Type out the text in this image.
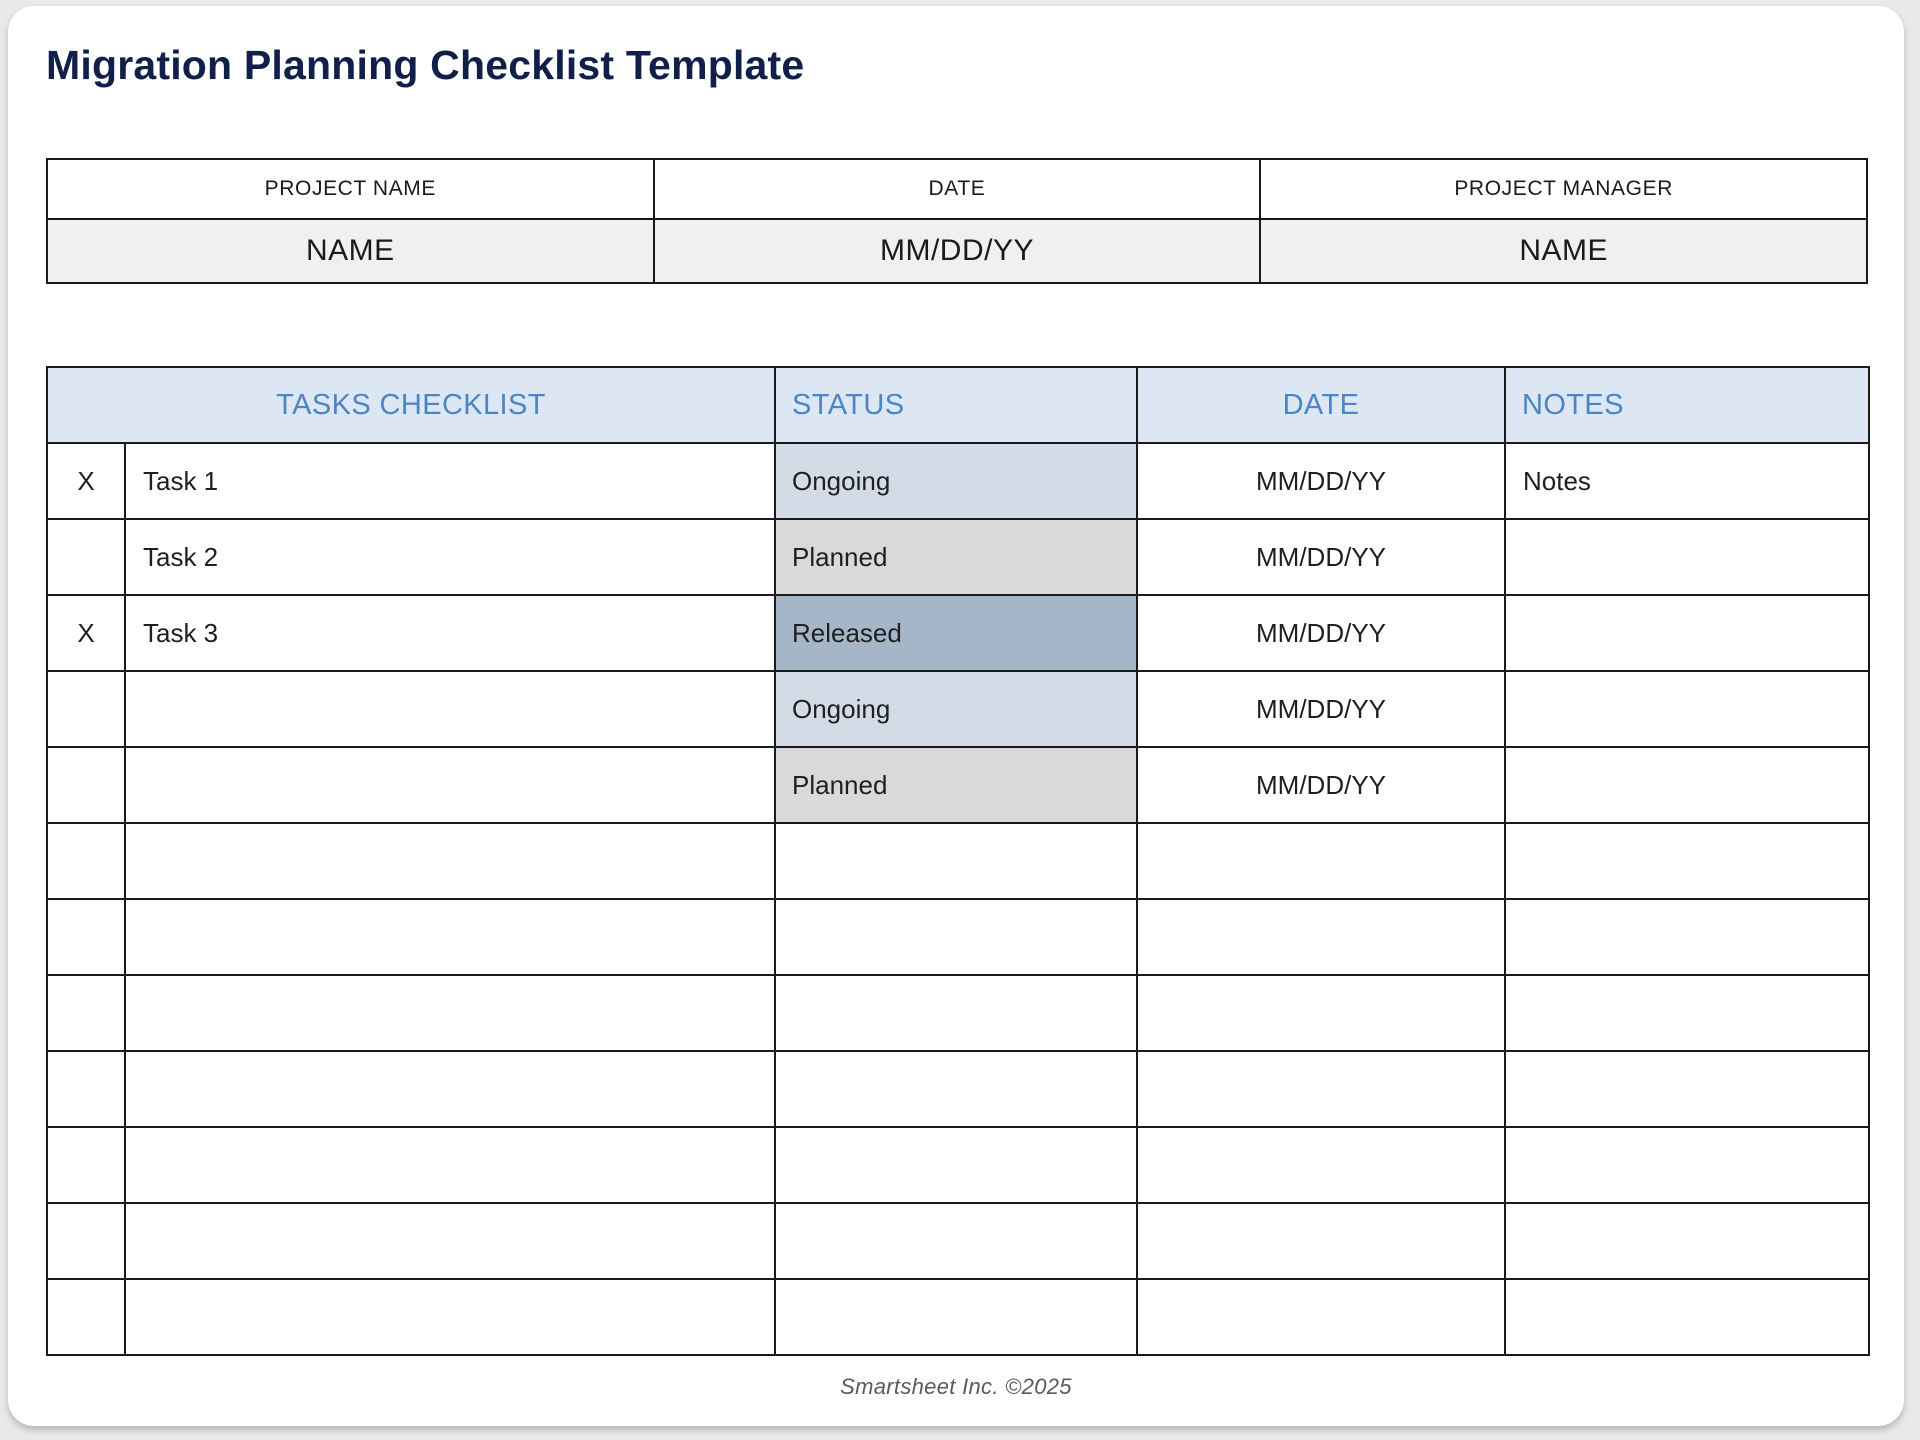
Migration Planning Checklist Template
PROJECT NAME	DATE	PROJECT MANAGER
NAME	MM/DD/YY	NAME
TASKS CHECKLIST		STATUS	DATE	NOTES
X	Task 1	Ongoing	MM/DD/YY	Notes
	Task 2	Planned	MM/DD/YY	
X	Task 3	Released	MM/DD/YY	
		Ongoing	MM/DD/YY	
		Planned	MM/DD/YY	

Smartsheet Inc. ©2025
